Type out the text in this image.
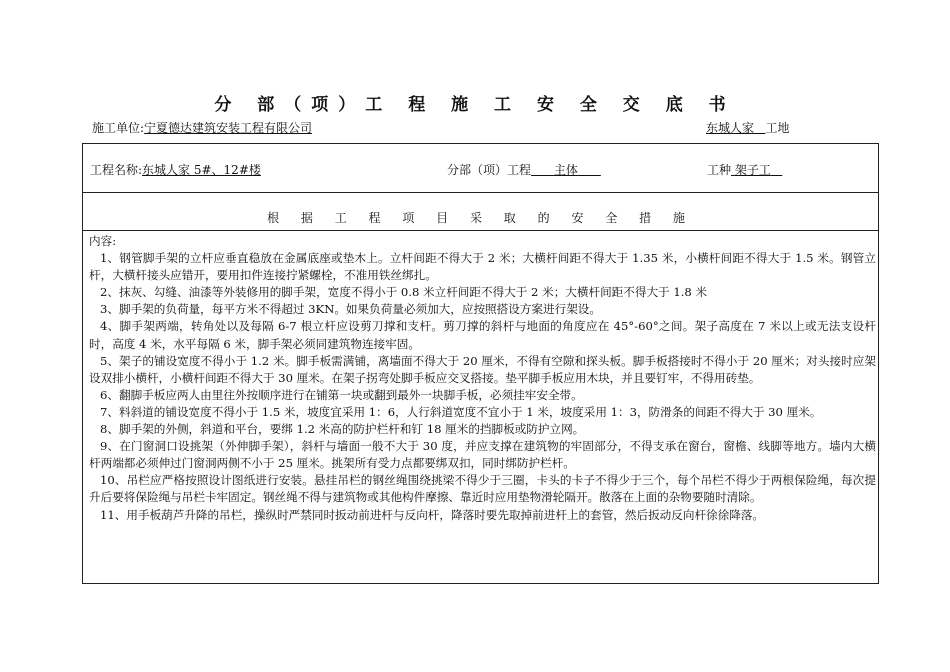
分 部（项）工 程 施 工 安 全 交 底 书
施工单位:宁夏德达建筑安装工程有限公司	东城人家 工地
工程名称:东城人家 5#、12#楼	分部（项）工程 主体	工种 架子工
根 据 工 程 项 目 采 取 的 安 全 措 施

内容:

1、钢管脚手架的立杆应垂直稳放在金属底座或垫木上。立杆间距不得大于 2 米；大横杆间距不得大于 1.35 米，小横杆间距不得大于 1.5 米。钢管立杆，大横杆接头应错开，要用扣件连接拧紧螺栓，不准用铁丝绑扎。

2、抹灰、勾缝、油漆等外装修用的脚手架，宽度不得小于 0.8 米立杆间距不得大于 2 米；大横杆间距不得大于 1.8 米

3、脚手架的负荷量，每平方米不得超过 3KN。如果负荷量必须加大，应按照搭设方案进行架设。

4、脚手架两端，转角处以及每隔 6-7 根立杆应设剪刀撑和支杆。剪刀撑的斜杆与地面的角度应在 45°-60°之间。架子高度在 7 米以上或无法支设杆时，高度 4 米，水平每隔 6 米，脚手架必须同建筑物连接牢固。

5、架子的铺设宽度不得小于 1.2 米。脚手板需满铺，离墙面不得大于 20 厘米，不得有空隙和探头板。脚手板搭接时不得小于 20 厘米；对头接时应架设双排小横杆，小横杆间距不得大于 30 厘米。在架子拐弯处脚手板应交叉搭接。垫平脚手板应用木块，并且要钉牢，不得用砖垫。

6、翻脚手板应两人由里往外按顺序进行在铺第一块或翻到最外一块脚手板，必须挂牢安全带。

7、料斜道的铺设宽度不得小于 1.5 米，坡度宜采用 1：6，人行斜道宽度不宜小于 1 米，坡度采用 1：3，防滑条的间距不得大于 30 厘米。

8、脚手架的外侧，斜道和平台，要绑 1.2 米高的防护栏杆和钉 18 厘米的挡脚板或防护立网。

9、在门窗洞口设挑架（外伸脚手架），斜杆与墙面一般不大于 30 度，并应支撑在建筑物的牢固部分，不得支承在窗台，窗檐、线脚等地方。墙内大横杆两端都必须伸过门窗洞两侧不小于 25 厘米。挑架所有受力点都要绑双扣，同时绑防护栏杆。

10、吊栏应严格按照设计图纸进行安装。悬挂吊栏的钢丝绳围绕挑梁不得少于三圈，卡头的卡子不得少于三个，每个吊栏不得少于两根保险绳，每次提升后要将保险绳与吊栏卡牢固定。钢丝绳不得与建筑物或其他构件摩擦、靠近时应用垫物滑轮隔开。散落在上面的杂物要随时清除。

11、用手板葫芦升降的吊栏，操纵时严禁同时扳动前进杆与反向杆，降落时要先取掉前进杆上的套管，然后扳动反向杆徐徐降落。
